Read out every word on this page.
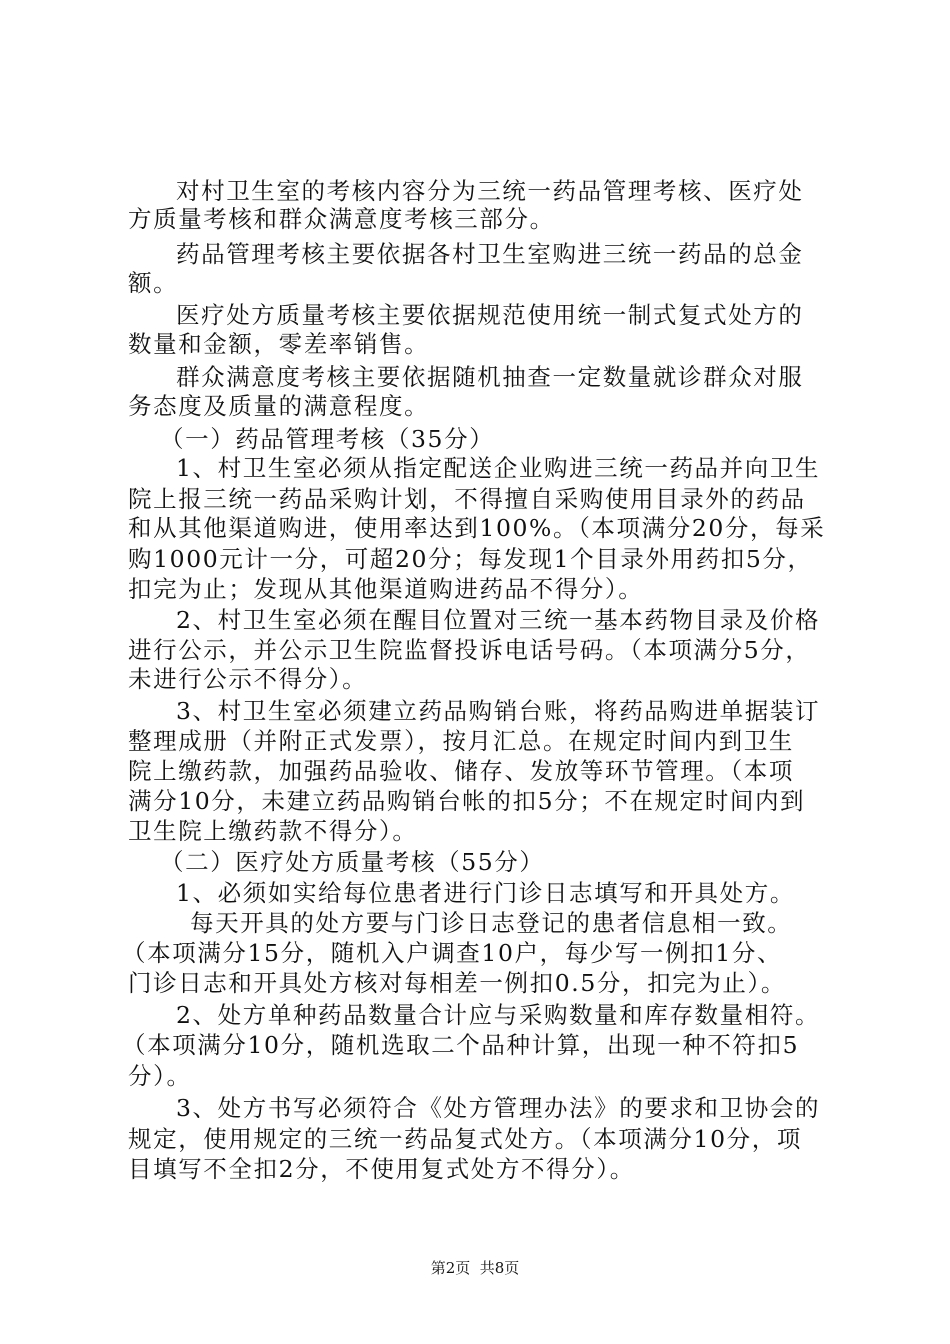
对村卫生室的考核内容分为三统一药品管理考核、医疗处
方质量考核和群众满意度考核三部分。
药品管理考核主要依据各村卫生室购进三统一药品的总金
额。
医疗处方质量考核主要依据规范使用统一制式复式处方的
数量和金额，零差率销售。
群众满意度考核主要依据随机抽查一定数量就诊群众对服
务态度及质量的满意程度。
（一）药品管理考核（35分）
1、村卫生室必须从指定配送企业购进三统一药品并向卫生
院上报三统一药品采购计划，不得擅自采购使用目录外的药品
和从其他渠道购进，使用率达到100%。（本项满分20分，每采
购1000元计一分，可超20分；每发现1个目录外用药扣5分，
扣完为止；发现从其他渠道购进药品不得分）。
2、村卫生室必须在醒目位置对三统一基本药物目录及价格
进行公示，并公示卫生院监督投诉电话号码。（本项满分5分，
未进行公示不得分）。
3、村卫生室必须建立药品购销台账，将药品购进单据装订
整理成册（并附正式发票），按月汇总。在规定时间内到卫生
院上缴药款，加强药品验收、储存、发放等环节管理。（本项
满分10分，未建立药品购销台帐的扣5分；不在规定时间内到
卫生院上缴药款不得分）。
（二）医疗处方质量考核（55分）
1、必须如实给每位患者进行门诊日志填写和开具处方。
每天开具的处方要与门诊日志登记的患者信息相一致。
（本项满分15分，随机入户调查10户，每少写一例扣1分、
门诊日志和开具处方核对每相差一例扣0.5分，扣完为止）。
2、处方单种药品数量合计应与采购数量和库存数量相符。
（本项满分10分，随机选取二个品种计算，出现一种不符扣5
分）。
3、处方书写必须符合《处方管理办法》的要求和卫协会的
规定，使用规定的三统一药品复式处方。（本项满分10分，项
目填写不全扣2分，不使用复式处方不得分）。
第2页  共8页
